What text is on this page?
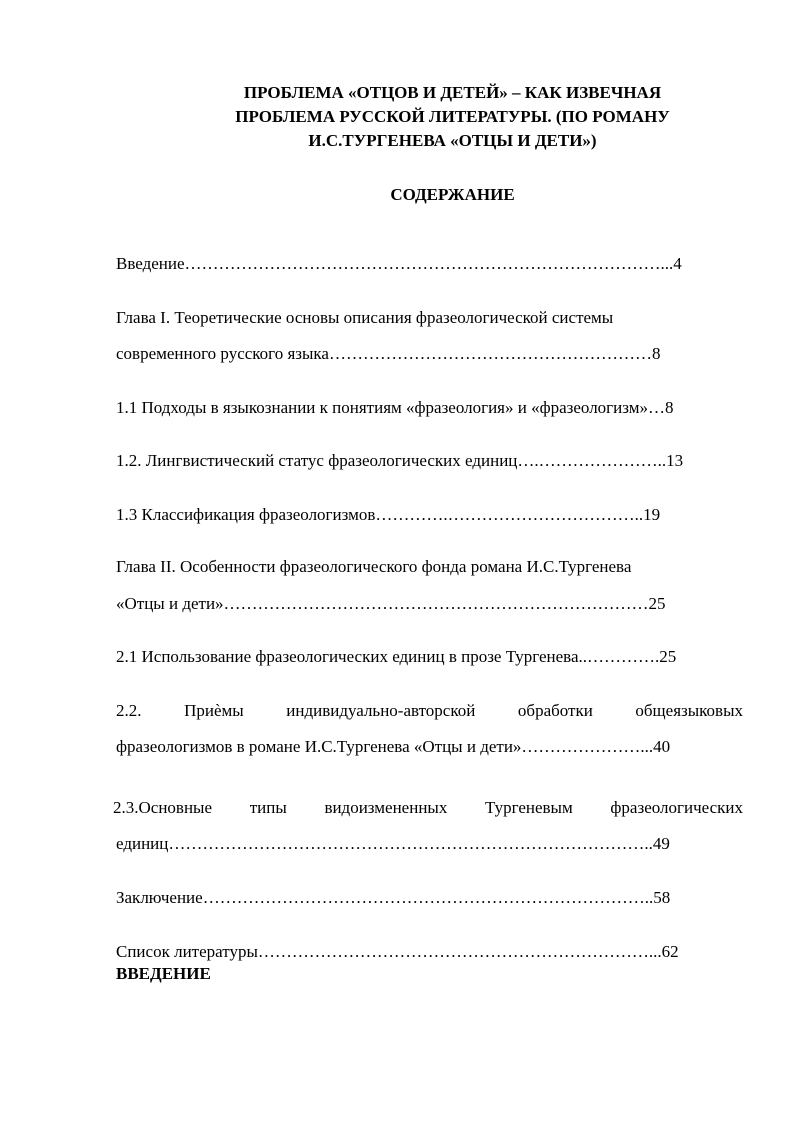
ПРОБЛЕМА «ОТЦОВ И ДЕТЕЙ» – КАК ИЗВЕЧНАЯ
ПРОБЛЕМА РУССКОЙ ЛИТЕРАТУРЫ. (ПО РОМАНУ
И.С.ТУРГЕНЕВА «ОТЦЫ И ДЕТИ»)
СОДЕРЖАНИЕ
Введение…………………………………………………………………………...4
Глава I. Теоретические основы описания фразеологической системы
современного русского языка…………………………………………………8
1.1 Подходы в языкознании к понятиям «фразеология» и «фразеологизм»…8
1.2. Лингвистический статус фразеологических единиц….…………………..13
1.3 Классификация фразеологизмов………….……………………………..19
Глава II. Особенности фразеологического фонда романа И.С.Тургенева
«Отцы и дети»…………………………………………………………………25
2.1 Использование фразеологических единиц в прозе Тургенева..………….25
2.2.	Приѐмы	индивидуально-авторской	обработки	общеязыковых
фразеологизмов в романе И.С.Тургенева «Отцы и дети»…………………...40
2.3.Основные типы видоизмененных Тургеневым фразеологических
единиц…………………………………………………………………………..49
Заключение……………………………………………………………………..58
Список литературы……………………………………………………………...62
ВВЕДЕНИЕ
